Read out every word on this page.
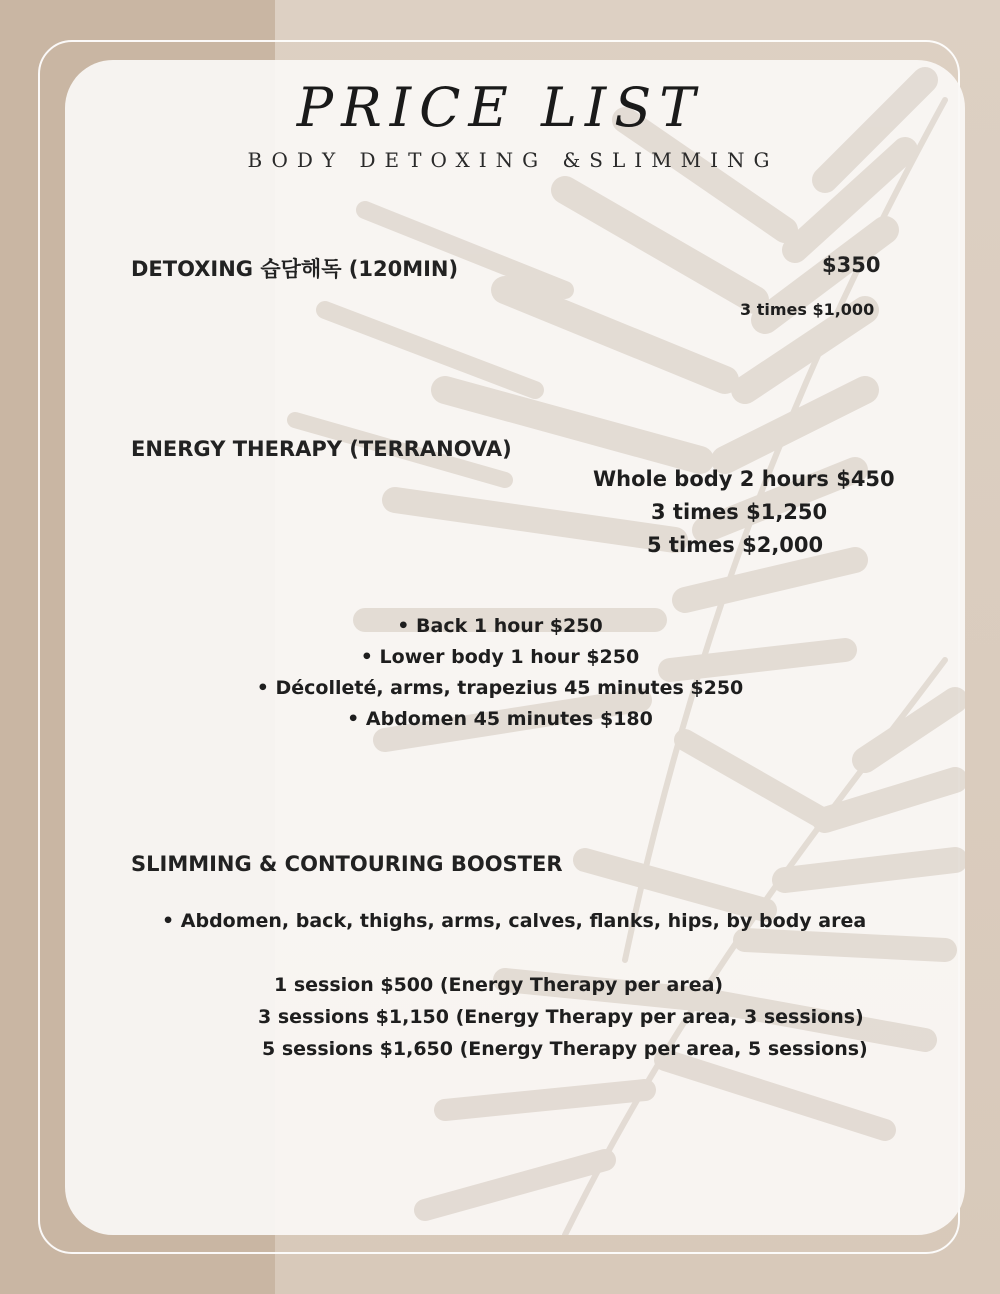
PRICE LIST
BODY DETOXING &SLIMMING
DETOXING 습담해독 (120MIN)	$350
3 times $1,000
ENERGY THERAPY (TERRANOVA)
Whole body 2 hours $450
3 times $1,250
5 times $2,000
• Back 1 hour $250
• Lower body 1 hour $250
• Décolleté, arms, trapezius 45 minutes $250
• Abdomen 45 minutes $180
SLIMMING & CONTOURING BOOSTER
• Abdomen, back, thighs, arms, calves, flanks, hips, by body area
1 session $500 (Energy Therapy per area)
3 sessions $1,150 (Energy Therapy per area, 3 sessions)
5 sessions $1,650 (Energy Therapy per area, 5 sessions)
